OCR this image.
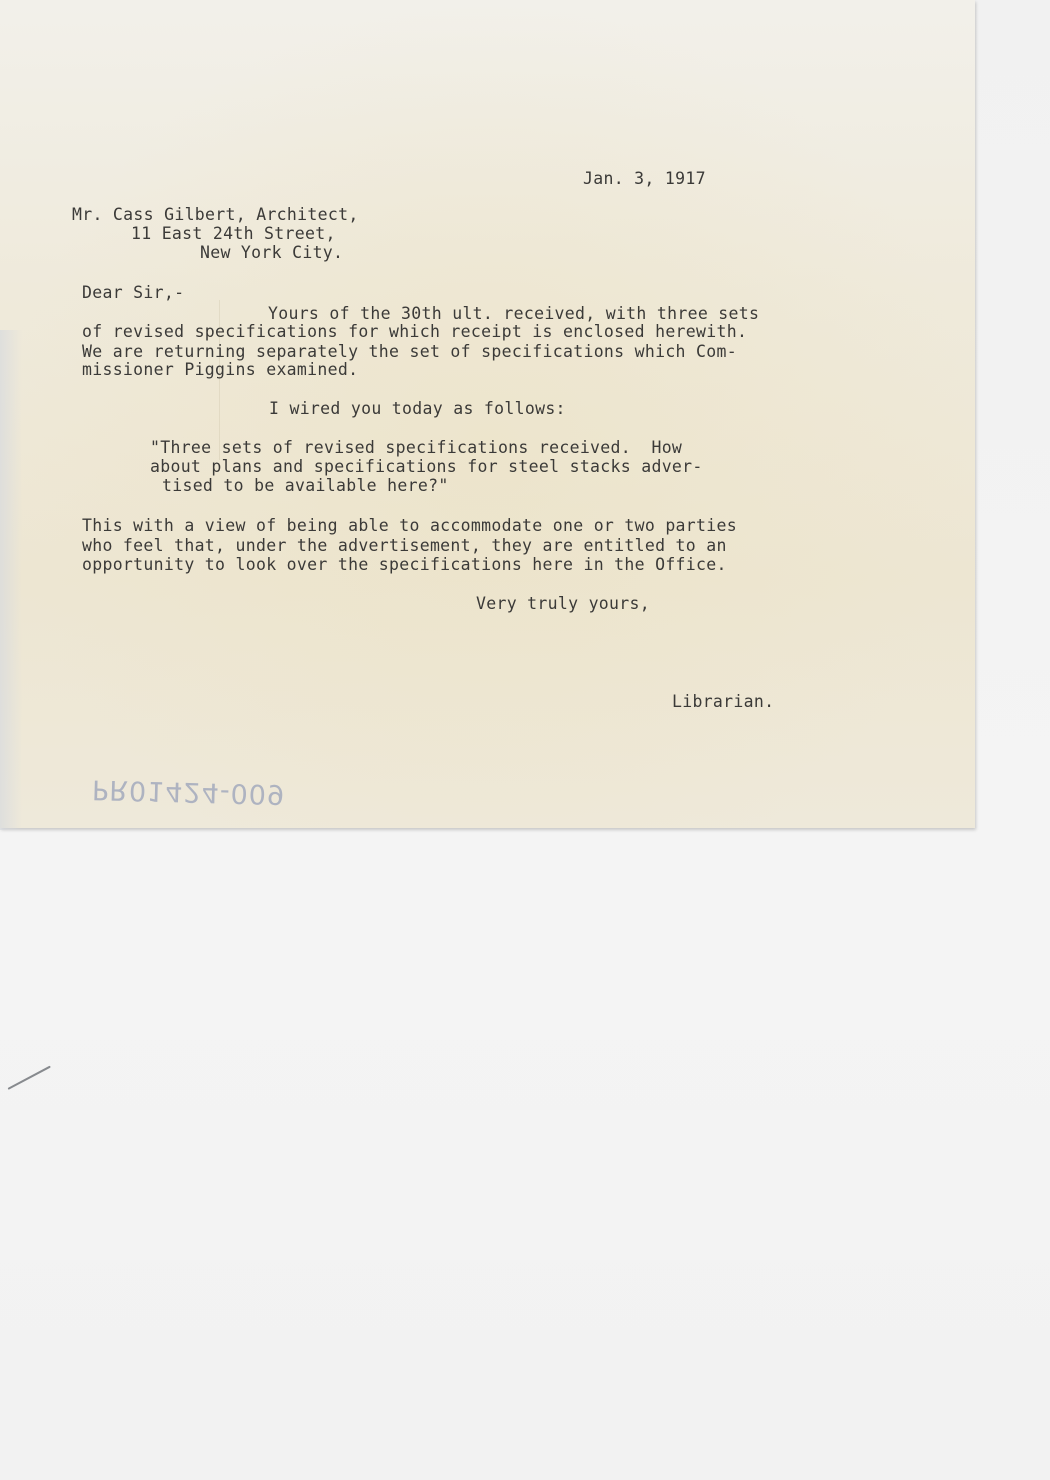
Jan. 3, 1917
Mr. Cass Gilbert, Architect,
11 East 24th Street,
New York City.
Dear Sir,-
Yours of the 30th ult. received, with three sets
of revised specifications for which receipt is enclosed herewith.
We are returning separately the set of specifications which Com-
missioner Piggins examined.
I wired you today as follows:
"Three sets of revised specifications received.  How
about plans and specifications for steel stacks adver-
tised to be available here?"
This with a view of being able to accommodate one or two parties
who feel that, under the advertisement, they are entitled to an
opportunity to look over the specifications here in the Office.
Very truly yours,
Librarian.
PR01424-009
